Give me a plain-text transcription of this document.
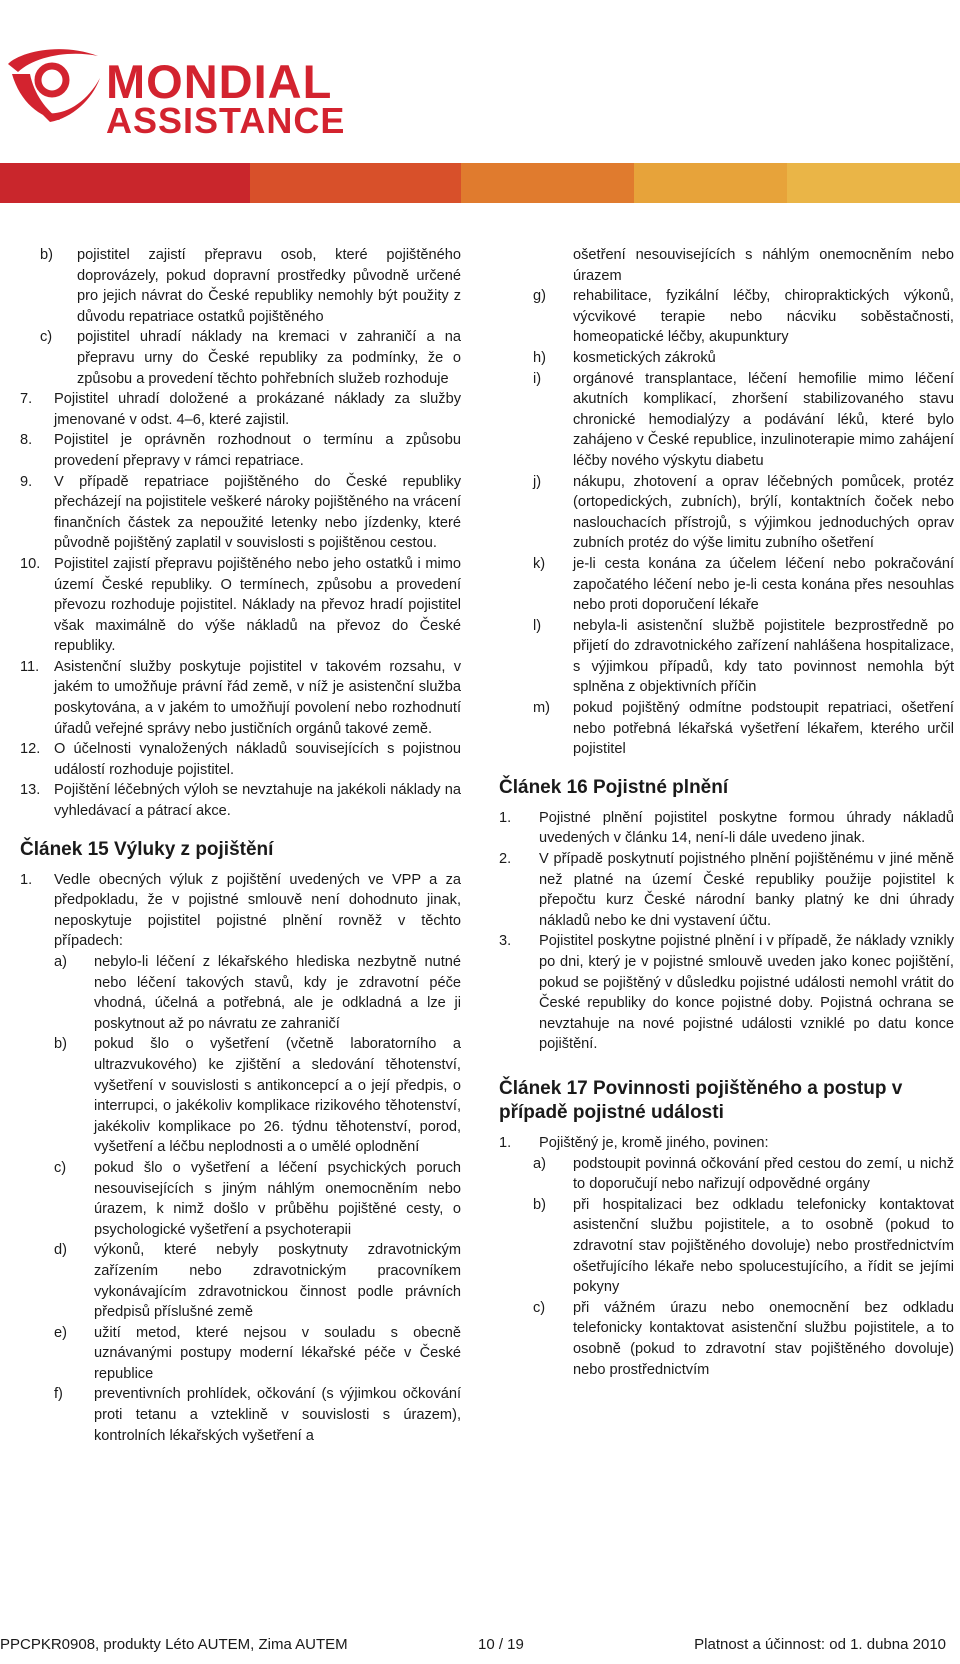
MONDIAL
ASSISTANCE
b) pojistitel zajistí přepravu osob, které pojištěného doprovázely, pokud dopravní prostředky původně určené pro jejich návrat do České republiky nemohly být použity z důvodu repatriace ostatků pojištěného
c) pojistitel uhradí náklady na kremaci v zahraničí a na přepravu urny do České republiky za podmínky, že o způsobu a provedení těchto pohřebních služeb rozhoduje
7. Pojistitel uhradí doložené a prokázané náklady za služby jmenované v odst. 4–6, které zajistil.
8. Pojistitel je oprávněn rozhodnout o termínu a způsobu provedení přepravy v rámci repatriace.
9. V případě repatriace pojištěného do České republiky přecházejí na pojistitele veškeré nároky pojištěného na vrácení finančních částek za nepoužité letenky nebo jízdenky, které původně pojištěný zaplatil v souvislosti s pojištěnou cestou.
10. Pojistitel zajistí přepravu pojištěného nebo jeho ostatků i mimo území České republiky. O termínech, způsobu a provedení převozu rozhoduje pojistitel. Náklady na převoz hradí pojistitel však maximálně do výše nákladů na převoz do České republiky.
11. Asistenční služby poskytuje pojistitel v takovém rozsahu, v jakém to umožňuje právní řád země, v níž je asistenční služba poskytována, a v jakém to umožňují povolení nebo rozhodnutí úřadů veřejné správy nebo justičních orgánů takové země.
12. O účelnosti vynaložených nákladů souvisejících s pojistnou událostí rozhoduje pojistitel.
13. Pojištění léčebných výloh se nevztahuje na jakékoli náklady na vyhledávací a pátrací akce.
Článek 15 Výluky z pojištění
1. Vedle obecných výluk z pojištění uvedených ve VPP a za předpokladu, že v pojistné smlouvě není dohodnuto jinak, neposkytuje pojistitel pojistné plnění rovněž v těchto případech:
a) nebylo-li léčení z lékařského hlediska nezbytně nutné nebo léčení takových stavů, kdy je zdravotní péče vhodná, účelná a potřebná, ale je odkladná a lze ji poskytnout až po návratu ze zahraničí
b) pokud šlo o vyšetření (včetně laboratorního a ultrazvukového) ke zjištění a sledování těhotenství, vyšetření v souvislosti s antikoncepcí a o její předpis, o interrupci, o jakékoliv komplikace rizikového těhotenství, jakékoliv komplikace po 26. týdnu těhotenství, porod, vyšetření a léčbu neplodnosti a o umělé oplodnění
c) pokud šlo o vyšetření a léčení psychických poruch nesouvisejících s jiným náhlým onemocněním nebo úrazem, k nimž došlo v průběhu pojištěné cesty, o psychologické vyšetření a psychoterapii
d) výkonů, které nebyly poskytnuty zdravotnickým zařízením nebo zdravotnickým pracovníkem vykonávajícím zdravotnickou činnost podle právních předpisů příslušné země
e) užití metod, které nejsou v souladu s obecně uznávanými postupy moderní lékařské péče v České republice
f) preventivních prohlídek, očkování (s výjimkou očkování proti tetanu a vzteklině v souvislosti s úrazem), kontrolních lékařských vyšetření a
ošetření nesouvisejících s náhlým onemocněním nebo úrazem
g) rehabilitace, fyzikální léčby, chiropraktických výkonů, výcvikové terapie nebo nácviku soběstačnosti, homeopatické léčby, akupunktury
h) kosmetických zákroků
i) orgánové transplantace, léčení hemofilie mimo léčení akutních komplikací, zhoršení stabilizovaného stavu chronické hemodialýzy a podávání léků, které bylo zahájeno v České republice, inzulinoterapie mimo zahájení léčby nového výskytu diabetu
j) nákupu, zhotovení a oprav léčebných pomůcek, protéz (ortopedických, zubních), brýlí, kontaktních čoček nebo naslouchacích přístrojů, s výjimkou jednoduchých oprav zubních protéz do výše limitu zubního ošetření
k) je-li cesta konána za účelem léčení nebo pokračování započatého léčení nebo je-li cesta konána přes nesouhlas nebo proti doporučení lékaře
l) nebyla-li asistenční službě pojistitele bezprostředně po přijetí do zdravotnického zařízení nahlášena hospitalizace, s výjimkou případů, kdy tato povinnost nemohla být splněna z objektivních příčin
m) pokud pojištěný odmítne podstoupit repatriaci, ošetření nebo potřebná lékařská vyšetření lékařem, kterého určil pojistitel
Článek 16 Pojistné plnění
1. Pojistné plnění pojistitel poskytne formou úhrady nákladů uvedených v článku 14, není-li dále uvedeno jinak.
2. V případě poskytnutí pojistného plnění pojištěnému v jiné měně než platné na území České republiky použije pojistitel k přepočtu kurz České národní banky platný ke dni úhrady nákladů nebo ke dni vystavení účtu.
3. Pojistitel poskytne pojistné plnění i v případě, že náklady vznikly po dni, který je v pojistné smlouvě uveden jako konec pojištění, pokud se pojištěný v důsledku pojistné události nemohl vrátit do České republiky do konce pojistné doby. Pojistná ochrana se nevztahuje na nové pojistné události vzniklé po datu konce pojištění.
Článek 17 Povinnosti pojištěného a postup v případě pojistné události
1. Pojištěný je, kromě jiného, povinen:
a) podstoupit povinná očkování před cestou do zemí, u nichž to doporučují nebo nařizují odpovědné orgány
b) při hospitalizaci bez odkladu telefonicky kontaktovat asistenční službu pojistitele, a to osobně (pokud to zdravotní stav pojištěného dovoluje) nebo prostřednictvím ošetřujícího lékaře nebo spolucestujícího, a řídit se jejími pokyny
c) při vážném úrazu nebo onemocnění bez odkladu telefonicky kontaktovat asistenční službu pojistitele, a to osobně (pokud to zdravotní stav pojištěného dovoluje) nebo prostřednictvím
PPCPKR0908, produkty Léto AUTEM, Zima AUTEM	10 / 19	Platnost a účinnost: od 1. dubna 2010
